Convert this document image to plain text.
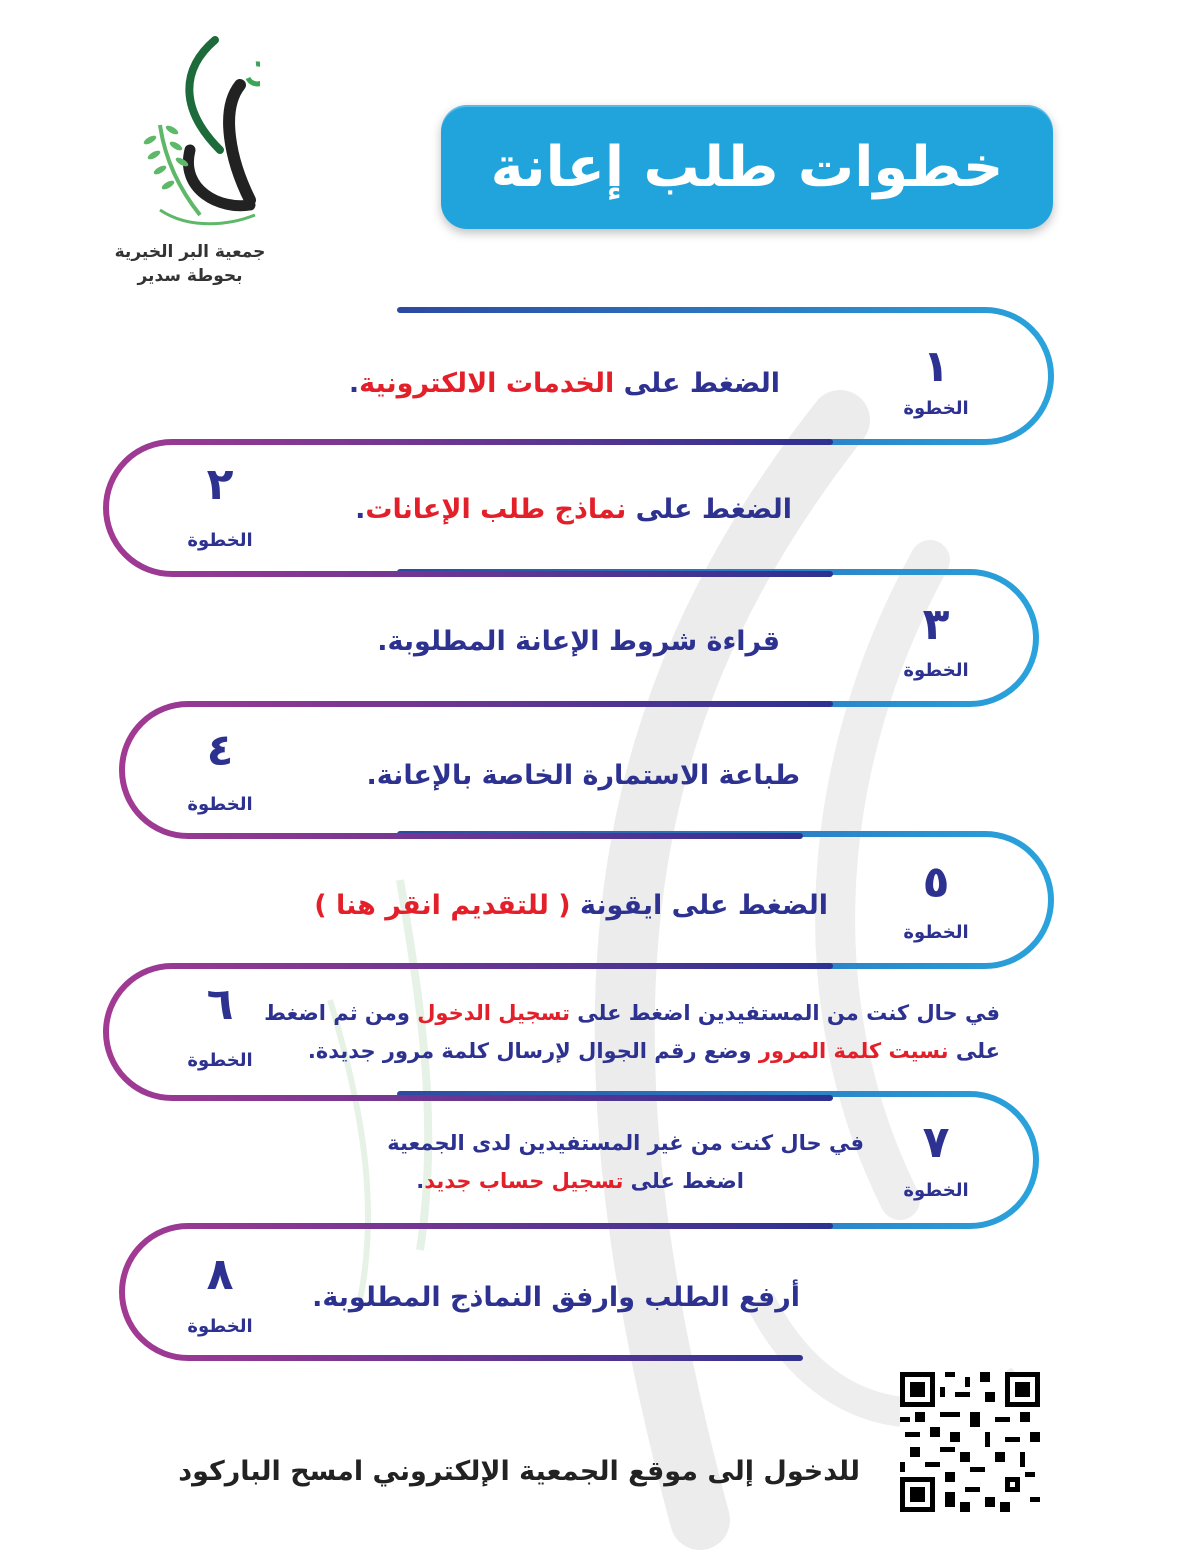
جمعية البر الخيرية
بحوطة سدير
خطوات طلب إعانة
١
الخطوة
الضغط على الخدمات الالكترونية.
٢
الخطوة
الضغط على نماذج طلب الإعانات.
٣
الخطوة
قراءة شروط الإعانة المطلوبة.
٤
الخطوة
طباعة الاستمارة الخاصة بالإعانة.
٥
الخطوة
الضغط على ايقونة ( للتقديم انقر هنا )
٦
الخطوة
في حال كنت من المستفيدين اضغط على تسجيل الدخول ومن ثم اضغط
على نسيت كلمة المرور وضع رقم الجوال لإرسال كلمة مرور جديدة.
٧
الخطوة
في حال كنت من غير المستفيدين لدى الجمعية
اضغط على تسجيل حساب جديد.
٨
الخطوة
أرفع الطلب وارفق النماذج المطلوبة.
للدخول إلى موقع الجمعية الإلكتروني امسح الباركود
